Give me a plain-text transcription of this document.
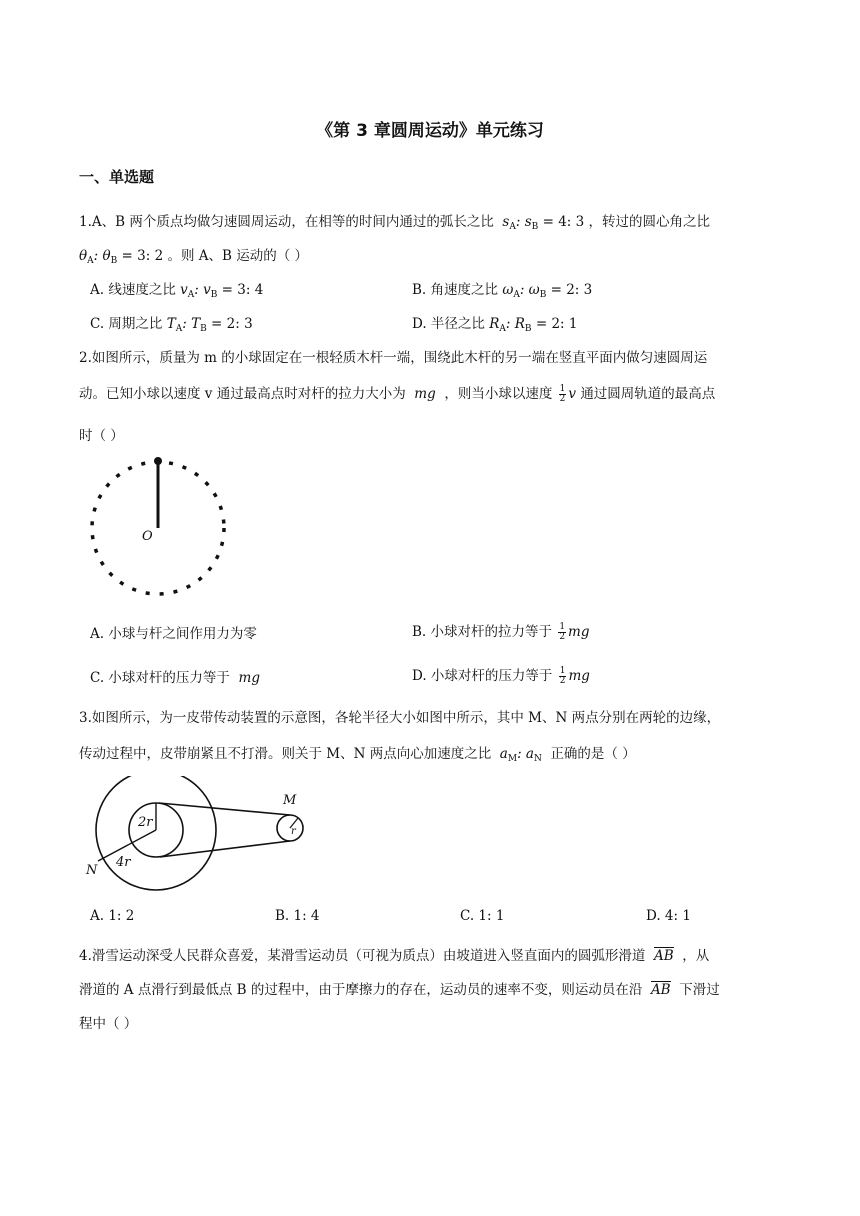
《第 3 章圆周运动》单元练习
一、单选题
1.A、B 两个质点均做匀速圆周运动，在相等的时间内通过的弧长之比  $s_A$: $s_B = 4$: 3 ，转过的圆心角之比
$\theta_A$: $\theta_B = 3$: 2 。则 A、B 运动的（ ）
A. 线速度之比 $v_A$: $v_B = 3$: 4	B. 角速度之比 $\omega_A$: $\omega_B = 2$: 3
C. 周期之比 $T_A$: $T_B = 2$: 3	D. 半径之比 $R_A$: $R_B = 2$: 1
2.如图所示，质量为 m 的小球固定在一根轻质木杆一端，围绕此木杆的另一端在竖直平面内做匀速圆周运
动。已知小球以速度 v 通过最高点时对杆的拉力大小为  mg  ，则当小球以速度 $\frac{1}{2}$ v 通过圆周轨道的最高点
时（ ）
O
A. 小球与杆之间作用力为零	B. 小球对杆的拉力等于 $\frac{1}{2}$ mg
C. 小球对杆的压力等于  mg	D. 小球对杆的压力等于 $\frac{1}{2}$ mg
3.如图所示，为一皮带传动装置的示意图，各轮半径大小如图中所示，其中 M、N 两点分别在两轮的边缘，
传动过程中，皮带崩紧且不打滑。则关于 M、N 两点向心加速度之比  $a_M$: $a_N$ 正确的是（ ）
2r
4r
M
N
r
A. 1: 2	B. 1: 4	C. 1: 1	D. 4: 1
4.滑雪运动深受人民群众喜爱，某滑雪运动员（可视为质点）由坡道进入竖直面内的圆弧形滑道 AB ，从
滑道的 A 点滑行到最低点 B 的过程中，由于摩擦力的存在，运动员的速率不变，则运动员在沿 AB 下滑过
程中（ ）
